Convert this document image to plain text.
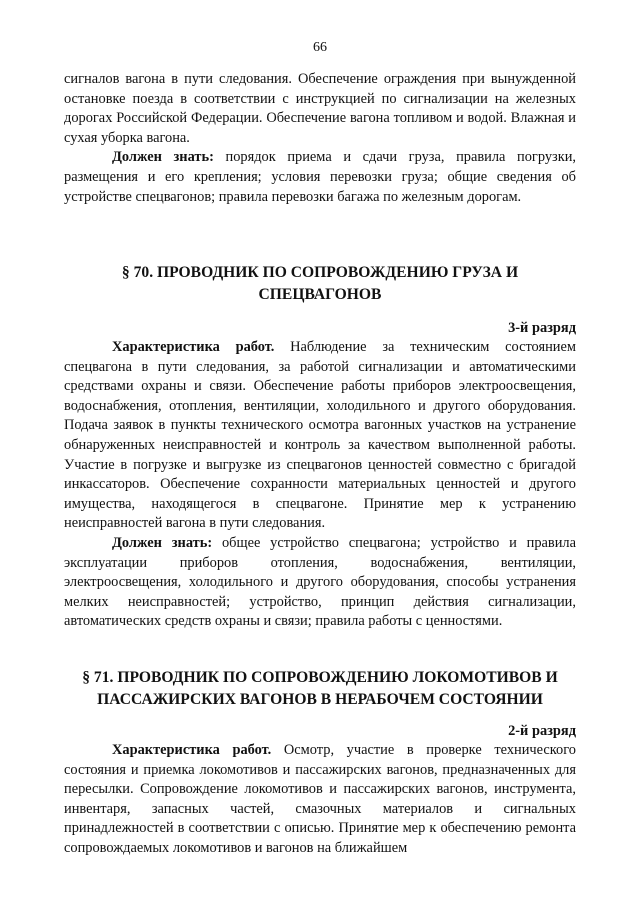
66

сигналов вагона в пути следования. Обеспечение ограждения при вынужденной остановке поезда в соответствии с инструкцией по сигнализации на железных дорогах Российской Федерации. Обеспечение вагона топливом и водой. Влажная и сухая уборка вагона.

Должен знать: порядок приема и сдачи груза, правила погрузки, размещения и его крепления; условия перевозки груза; общие сведения об устройстве спецвагонов; правила перевозки багажа по железным дорогам.

§ 70. ПРОВОДНИК ПО СОПРОВОЖДЕНИЮ ГРУЗА И
СПЕЦВАГОНОВ
3-й разряд

Характеристика работ. Наблюдение за техническим состоянием спецвагона в пути следования, за работой сигнализации и автоматическими средствами охраны и связи. Обеспечение работы приборов электроосвещения, водоснабжения, отопления, вентиляции, холодильного и другого оборудования. Подача заявок в пункты технического осмотра вагонных участков на устранение обнаруженных неисправностей и контроль за качеством выполненной работы. Участие в погрузке и выгрузке из спецвагонов ценностей совместно с бригадой инкассаторов. Обеспечение сохранности материальных ценностей и другого имущества, находящегося в спецвагоне. Принятие мер к устранению неисправностей вагона в пути следования.

Должен знать: общее устройство спецвагона; устройство и правила эксплуатации приборов отопления, водоснабжения, вентиляции, электроосвещения, холодильного и другого оборудования, способы устранения мелких неисправностей; устройство, принцип действия сигнализации, автоматических средств охраны и связи; правила работы с ценностями.

§ 71. ПРОВОДНИК ПО СОПРОВОЖДЕНИЮ ЛОКОМОТИВОВ И
ПАССАЖИРСКИХ ВАГОНОВ В НЕРАБОЧЕМ СОСТОЯНИИ
2-й разряд

Характеристика работ. Осмотр, участие в проверке технического состояния и приемка локомотивов и пассажирских вагонов, предназначенных для пересылки. Сопровождение локомотивов и пассажирских вагонов, инструмента, инвентаря, запасных частей, смазочных материалов и сигнальных принадлежностей в соответствии с описью. Принятие мер к обеспечению ремонта сопровождаемых локомотивов и вагонов на ближайшем
